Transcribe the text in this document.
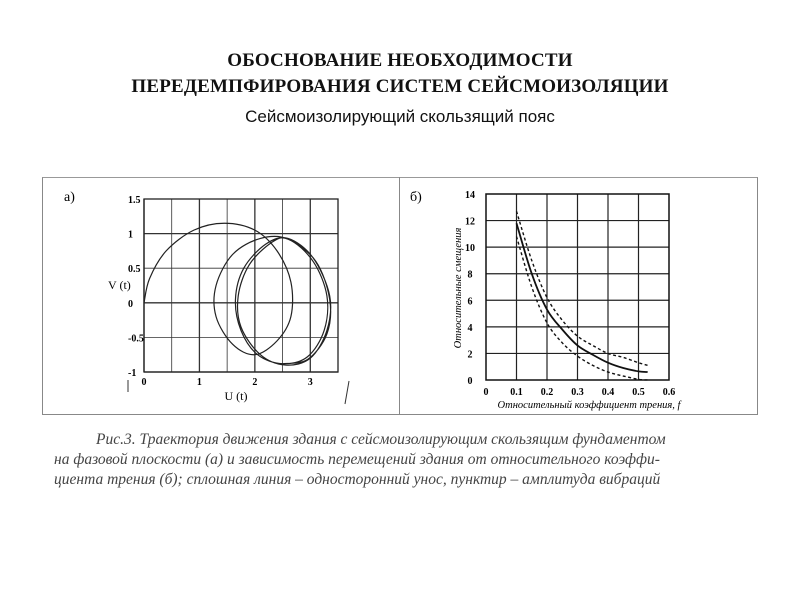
ОБОСНОВАНИЕ НЕОБХОДИМОСТИ
ПЕРЕДЕМПФИРОВАНИЯ СИСТЕМ СЕЙСМОИЗОЛЯЦИИ
Сейсмоизолирующий скользящий пояс
а)
0	1	2	3
1.5
1
0.5
0
-0.5
-1
V (t)
U (t)
б)
0 0.1 0.2 0.3 0.4 0.5 0.6
14
12
10
8
6
4
2
0
Относительные смещения
Относительный коэффициент трения, f
Рис.3. Траектория движения здания с сейсмоизолирующим скользящим фундаментом
на фазовой плоскости (а) и зависимость перемещений здания от относительного коэффи-
циента трения (б); сплошная линия – односторонний унос, пунктир – амплитуда вибраций
